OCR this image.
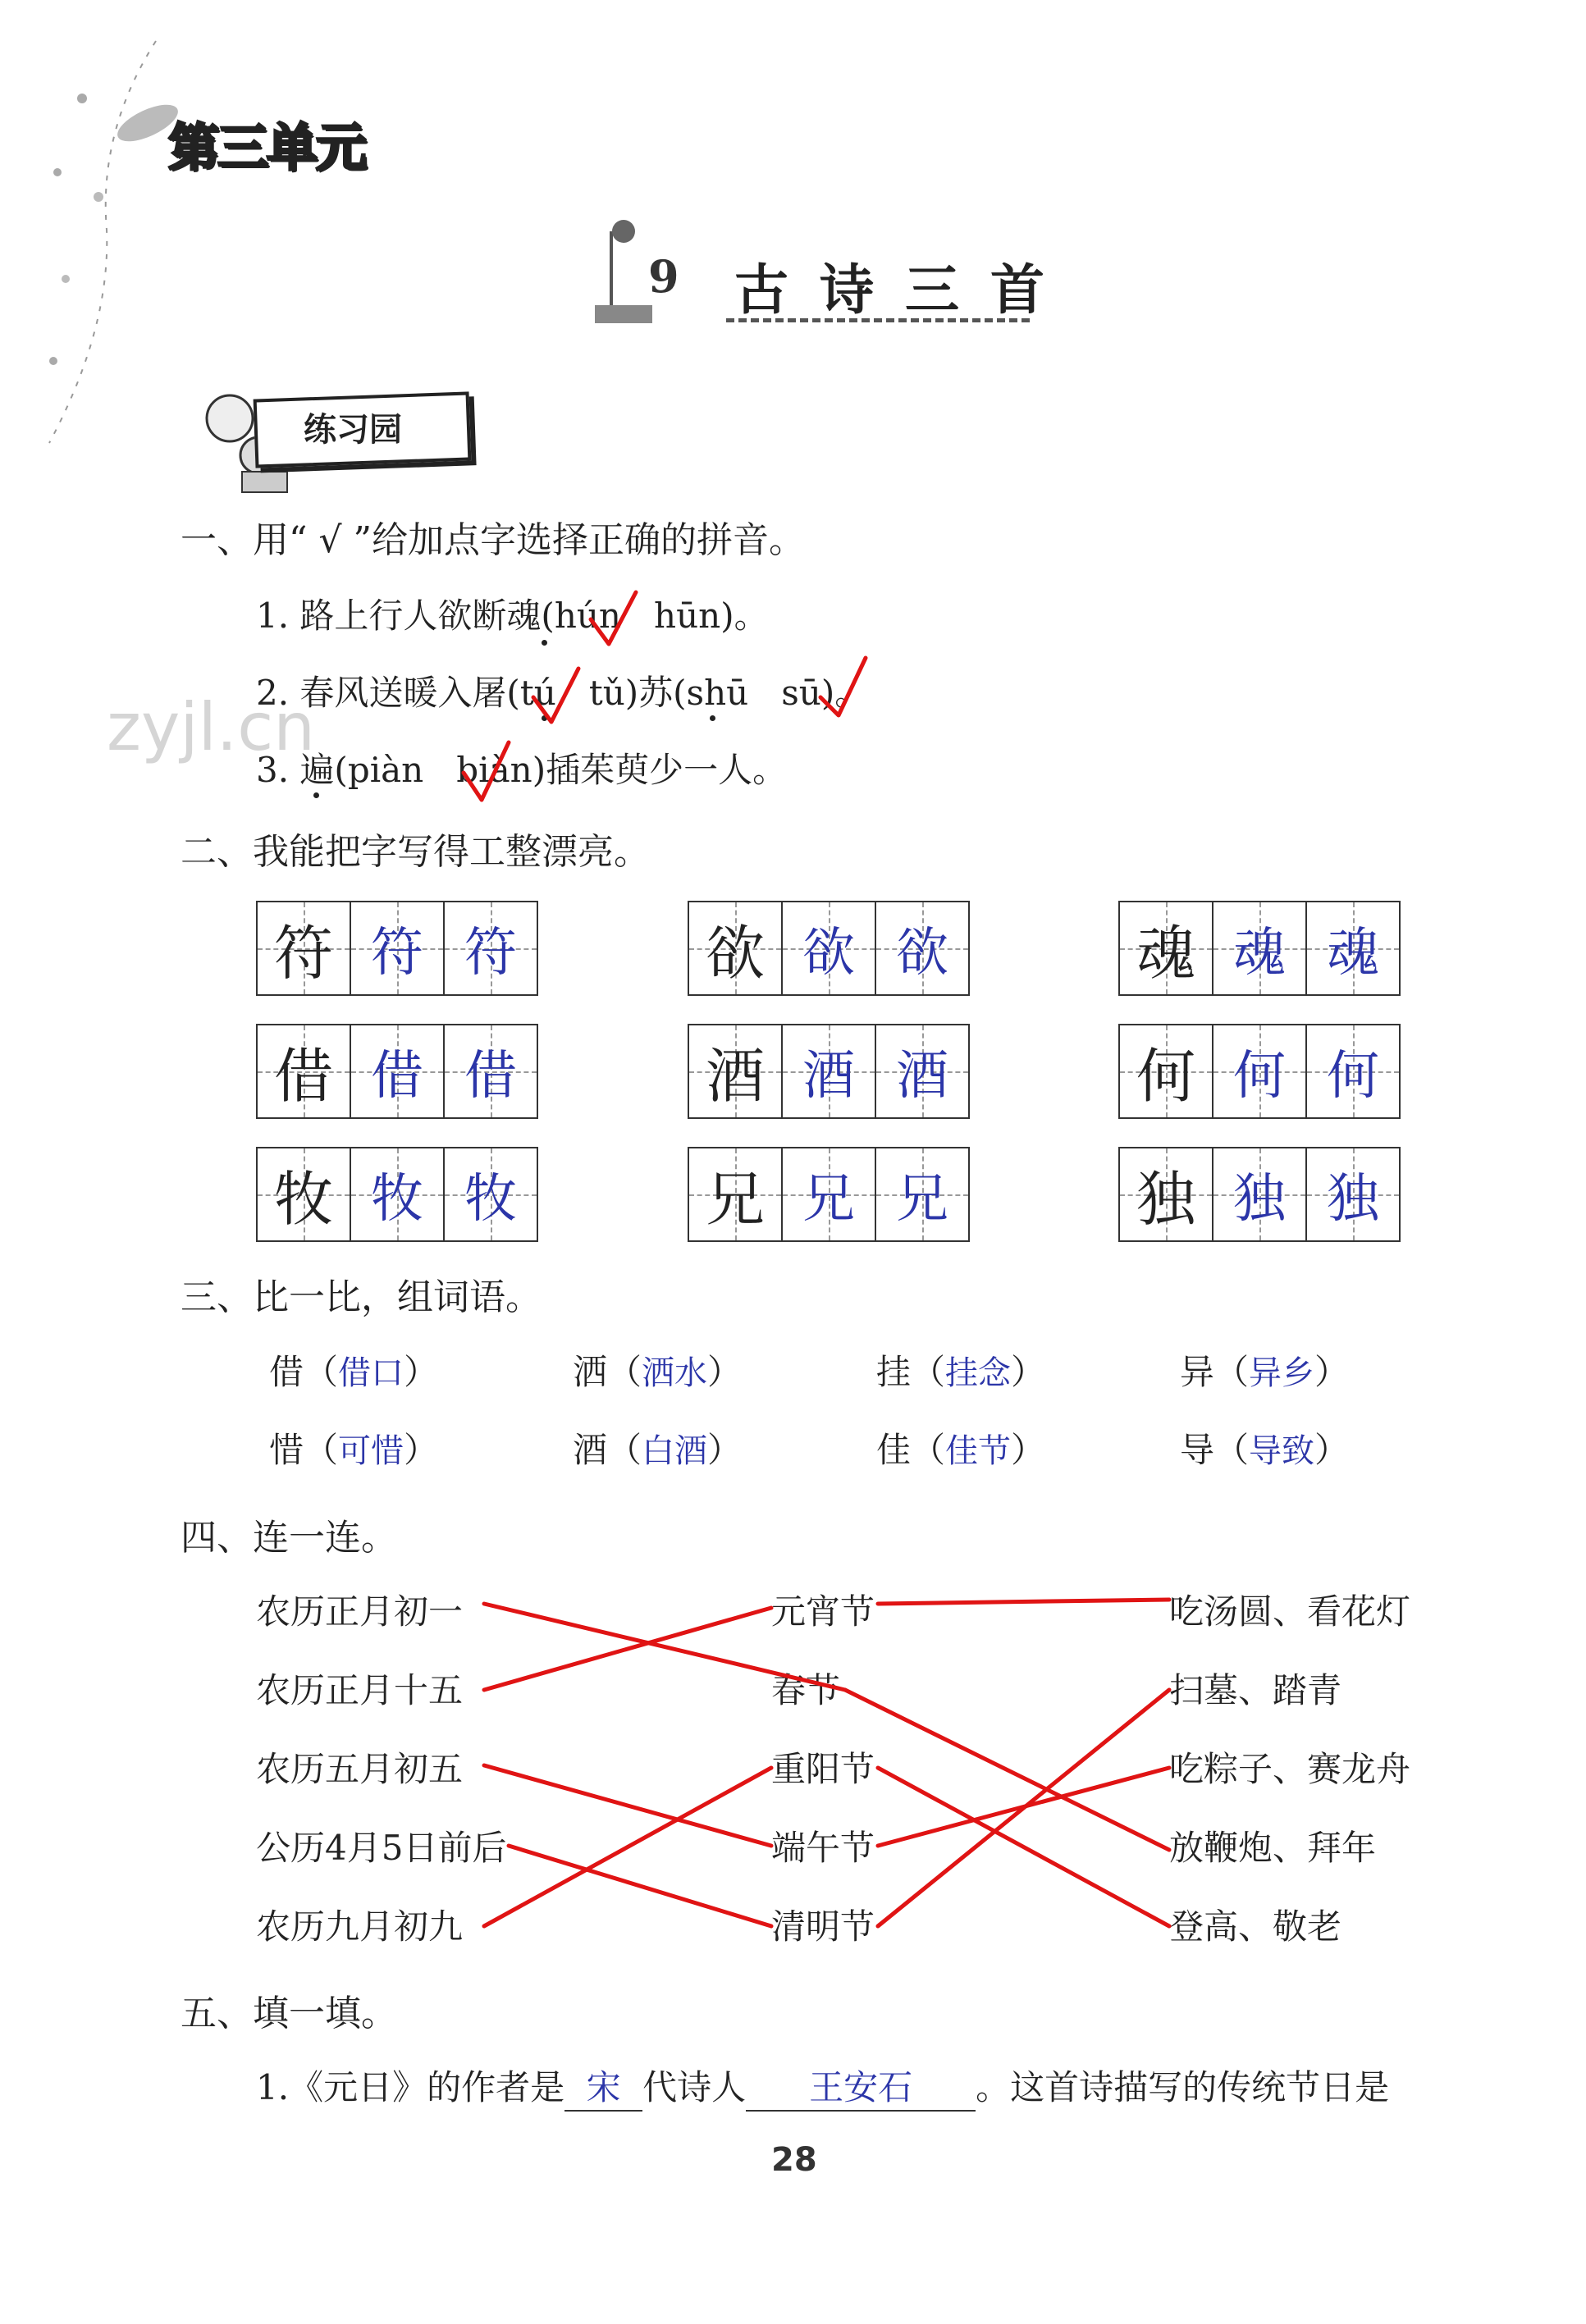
第三单元
9 古诗三首
练习园
zyjl.cn
一、用“ √ ”给加点字选择正确的拼音。
1. 路上行人欲断魂(hún hūn)。
2. 春风送暖入屠(tú tǔ)苏(shū sū)。
3. 遍(piàn biàn)插茱萸少一人。
二、我能把字写得工整漂亮。
符 符 符	欲 欲 欲	魂 魂 魂
借 借 借	酒 酒 酒	何 何 何
牧 牧 牧	兄 兄 兄	独 独 独
三、比一比，组词语。
借（借口）	洒（洒水）	挂（挂念）	异（异乡）
惜（可惜）	酒（白酒）	佳（佳节）	导（导致）
四、连一连。
农历正月初一
农历正月十五
农历五月初五
公历4月5日前后
农历九月初九
元宵节
春节
重阳节
端午节
清明节
吃汤圆、看花灯
扫墓、踏青
吃粽子、赛龙舟
放鞭炮、拜年
登高、敬老
五、填一填。
1.《元日》的作者是 宋 代诗人 王安石 。这首诗描写的传统节日是
28
